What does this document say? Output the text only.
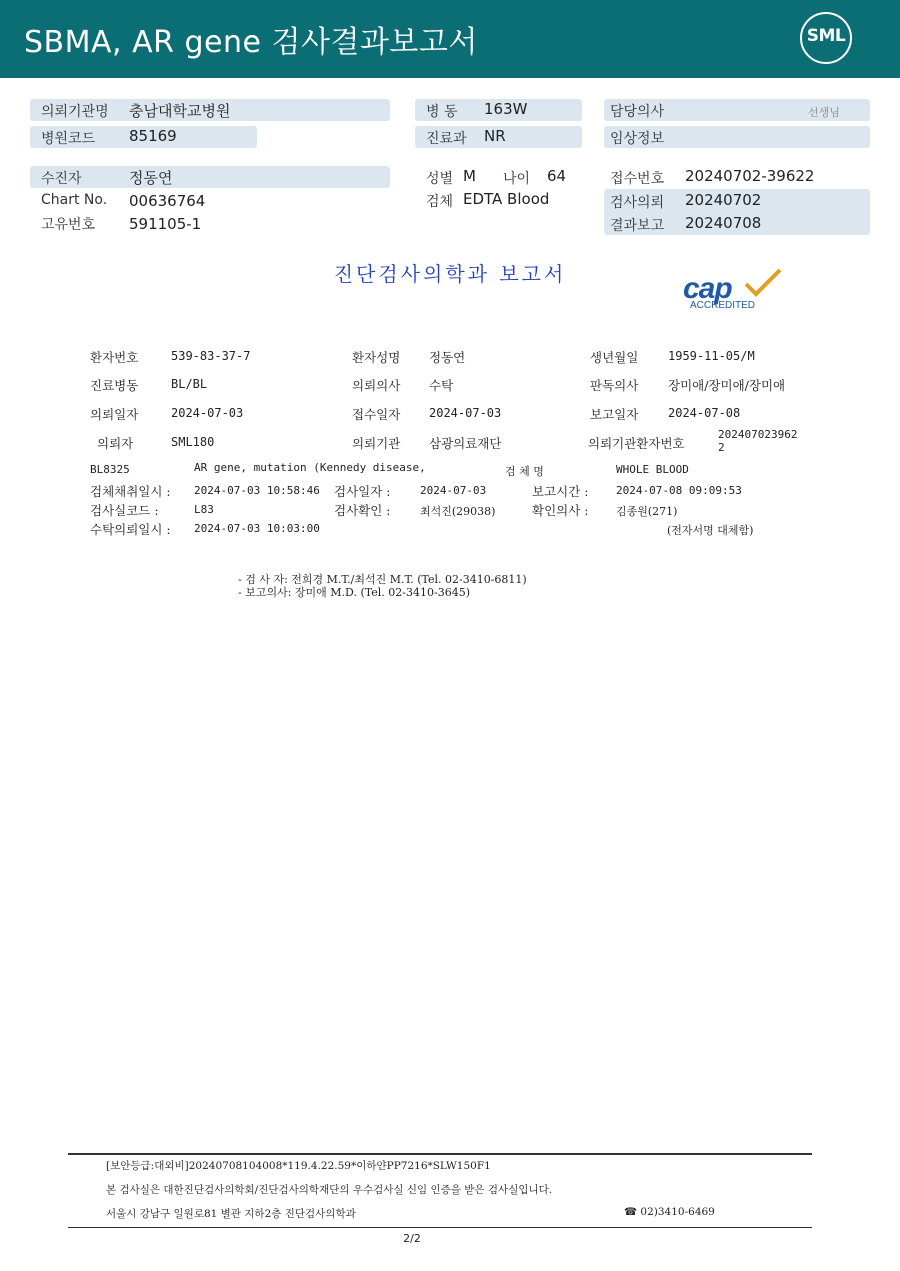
SBMA, AR gene 검사결과보고서	SML
의뢰기관명 충남대학교병원
병원코드 85169
수진자	정동연
Chart No. 00636764
고유번호 591105-1
병 동 163W
진료과 NR
성별 M 나이 64
검체 EDTA Blood
담당의사	선생님
임상정보
접수번호 20240702-39622
검사의뢰 20240702
결과보고 20240708
진단검사의학과 보고서	cap
ACCREDITED
환자번호	539-83-37-7	환자성명 정동연	생년월일 1959-11-05/M
진료병동	BL/BL	의뢰의사 수탁	판독의사 장미애/장미애/장미애
의뢰일자	2024-07-03	접수일자 2024-07-03	보고일자 2024-07-08
의뢰자	SML180	의뢰기관 삼광의료재단	의뢰기관환자번호
202407023962
2
BL8325	AR gene, mutation (Kennedy disease,	검 체 명	WHOLE BLOOD
검체채취일시 : 2024-07-03 10:58:46 검사일자 :	2024-07-03	보고시간 :	2024-07-08 09:09:53
검사실코드 :	L83	검사확인 :	최석진(29038)	확인의사 :	김종원(271)
수탁의뢰일시 : 2024-07-03 10:03:00	(전자서명 대체함)
- 검 사 자: 전희경 M.T./최석진 M.T. (Tel. 02-3410-6811)
- 보고의사: 장미애 M.D. (Tel. 02-3410-3645)
[보안등급:대외비]20240708104008*119.4.22.59*이하얀PP7216*SLW150F1
본 검사실은 대한진단검사의학회/진단검사의학재단의 우수검사실 신임 인증을 받은 검사실입니다.
서울시 강남구 일원로81 별관 지하2층 진단검사의학과	☎ 02)3410-6469
2/2
